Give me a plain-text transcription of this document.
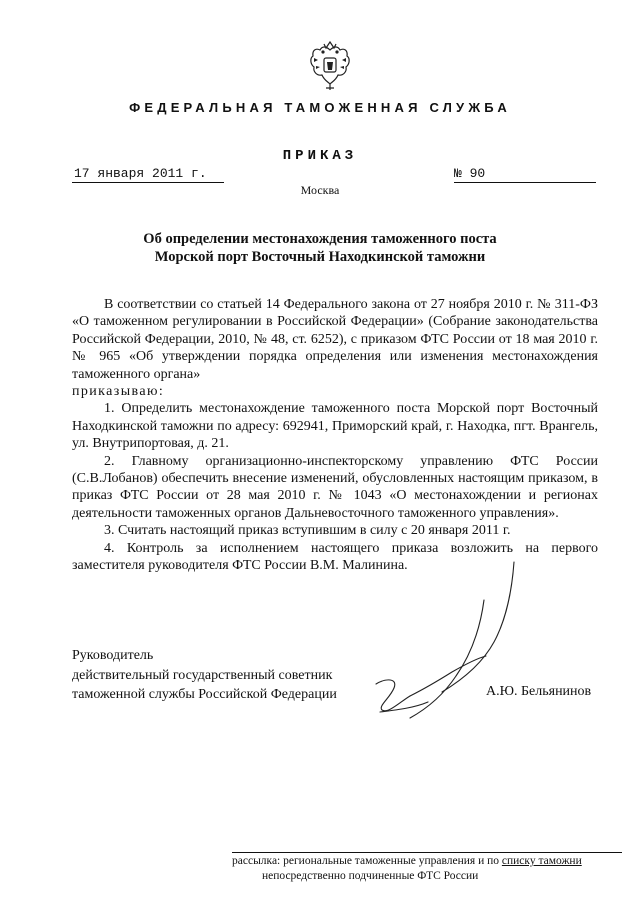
ФЕДЕРАЛЬНАЯ ТАМОЖЕННАЯ СЛУЖБА
ПРИКАЗ
17 января 2011 г.	№ 90
Москва
Об определении местонахождения таможенного поста
Морской порт Восточный Находкинской таможни

В соответствии со статьей 14 Федерального закона от 27 ноября 2010 г. № 311-ФЗ «О таможенном регулировании в Российской Федерации» (Собрание законодательства Российской Федерации, 2010, № 48, ст. 6252), с приказом ФТС России от 18 мая 2010 г. № 965 «Об утверждении порядка определения или изменения местонахождения таможенного органа»

приказываю:

1. Определить местонахождение таможенного поста Морской порт Восточный Находкинской таможни по адресу: 692941, Приморский край, г. Находка, пгт. Врангель, ул. Внутрипортовая, д. 21.

2. Главному организационно-инспекторскому управлению ФТС России (С.В.Лобанов) обеспечить внесение изменений, обусловленных настоящим приказом, в приказ ФТС России от 28 мая 2010 г. № 1043 «О местонахождении и регионах деятельности таможенных органов Дальневосточного таможенного управления».

3. Считать настоящий приказ вступившим в силу с 20 января 2011 г.

4. Контроль за исполнением настоящего приказа возложить на первого заместителя руководителя ФТС России В.М. Малинина.

Руководитель
действительный государственный советник
таможенной службы Российской Федерации	А.Ю. Бельянинов
рассылка: региональные таможенные управления и по списку таможни
непосредственно подчиненные ФТС России
